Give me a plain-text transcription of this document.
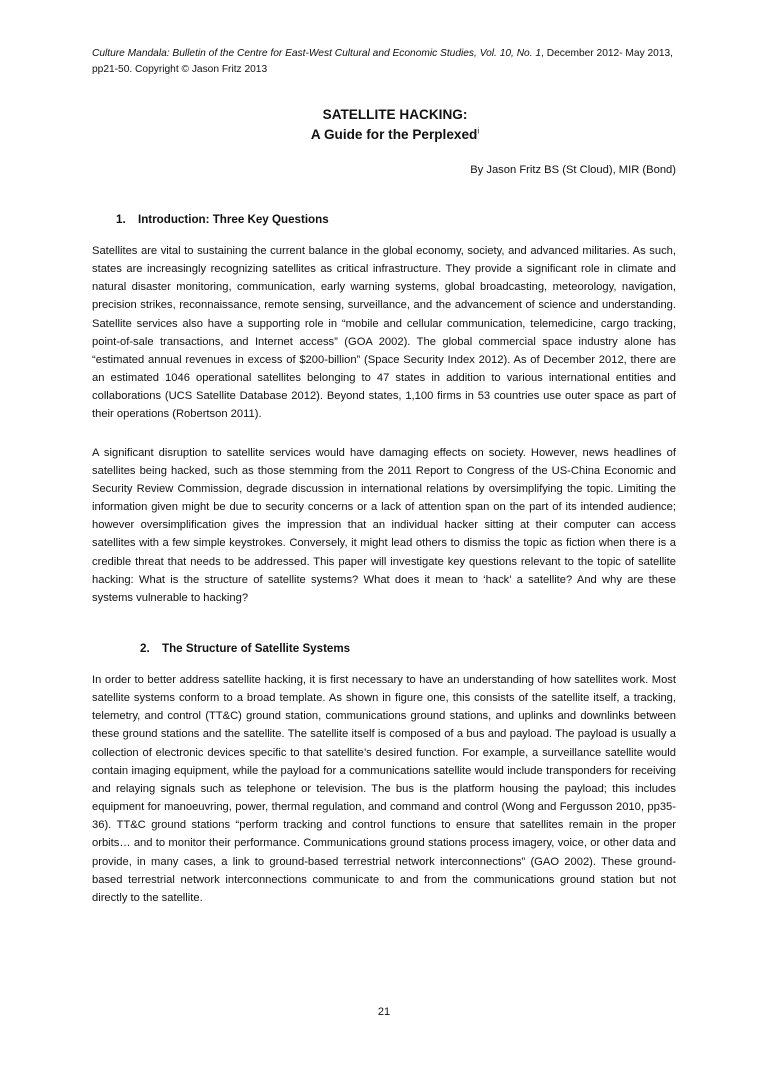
Culture Mandala: Bulletin of the Centre for East-West Cultural and Economic Studies, Vol. 10, No. 1, December 2012- May 2013, pp21-50. Copyright © Jason Fritz 2013

SATELLITE HACKING:

A Guide for the Perplexed$^i$

By Jason Fritz BS (St Cloud), MIR (Bond)

1.	Introduction: Three Key Questions

Satellites are vital to sustaining the current balance in the global economy, society, and advanced militaries. As such, states are increasingly recognizing satellites as critical infrastructure. They provide a significant role in climate and natural disaster monitoring, communication, early warning systems, global broadcasting, meteorology, navigation, precision strikes, reconnaissance, remote sensing, surveillance, and the advancement of science and understanding. Satellite services also have a supporting role in “mobile and cellular communication, telemedicine, cargo tracking, point-of-sale transactions, and Internet access” (GOA 2002). The global commercial space industry alone has “estimated annual revenues in excess of $200-billion” (Space Security Index 2012). As of December 2012, there are an estimated 1046 operational satellites belonging to 47 states in addition to various international entities and collaborations (UCS Satellite Database 2012). Beyond states, 1,100 firms in 53 countries use outer space as part of their operations (Robertson 2011).

A significant disruption to satellite services would have damaging effects on society. However, news headlines of satellites being hacked, such as those stemming from the 2011 Report to Congress of the US-China Economic and Security Review Commission, degrade discussion in international relations by oversimplifying the topic. Limiting the information given might be due to security concerns or a lack of attention span on the part of its intended audience; however oversimplification gives the impression that an individual hacker sitting at their computer can access satellites with a few simple keystrokes. Conversely, it might lead others to dismiss the topic as fiction when there is a credible threat that needs to be addressed. This paper will investigate key questions relevant to the topic of satellite hacking: What is the structure of satellite systems? What does it mean to ‘hack’ a satellite? And why are these systems vulnerable to hacking?

2.	The Structure of Satellite Systems

In order to better address satellite hacking, it is first necessary to have an understanding of how satellites work. Most satellite systems conform to a broad template. As shown in figure one, this consists of the satellite itself, a tracking, telemetry, and control (TT&C) ground station, communications ground stations, and uplinks and downlinks between these ground stations and the satellite. The satellite itself is composed of a bus and payload. The payload is usually a collection of electronic devices specific to that satellite’s desired function. For example, a surveillance satellite would contain imaging equipment, while the payload for a communications satellite would include transponders for receiving and relaying signals such as telephone or television. The bus is the platform housing the payload; this includes equipment for manoeuvring, power, thermal regulation, and command and control (Wong and Fergusson 2010, pp35-36). TT&C ground stations “perform tracking and control functions to ensure that satellites remain in the proper orbits… and to monitor their performance. Communications ground stations process imagery, voice, or other data and provide, in many cases, a link to ground-based terrestrial network interconnections” (GAO 2002). These ground-based terrestrial network interconnections communicate to and from the communications ground station but not directly to the satellite.

21
